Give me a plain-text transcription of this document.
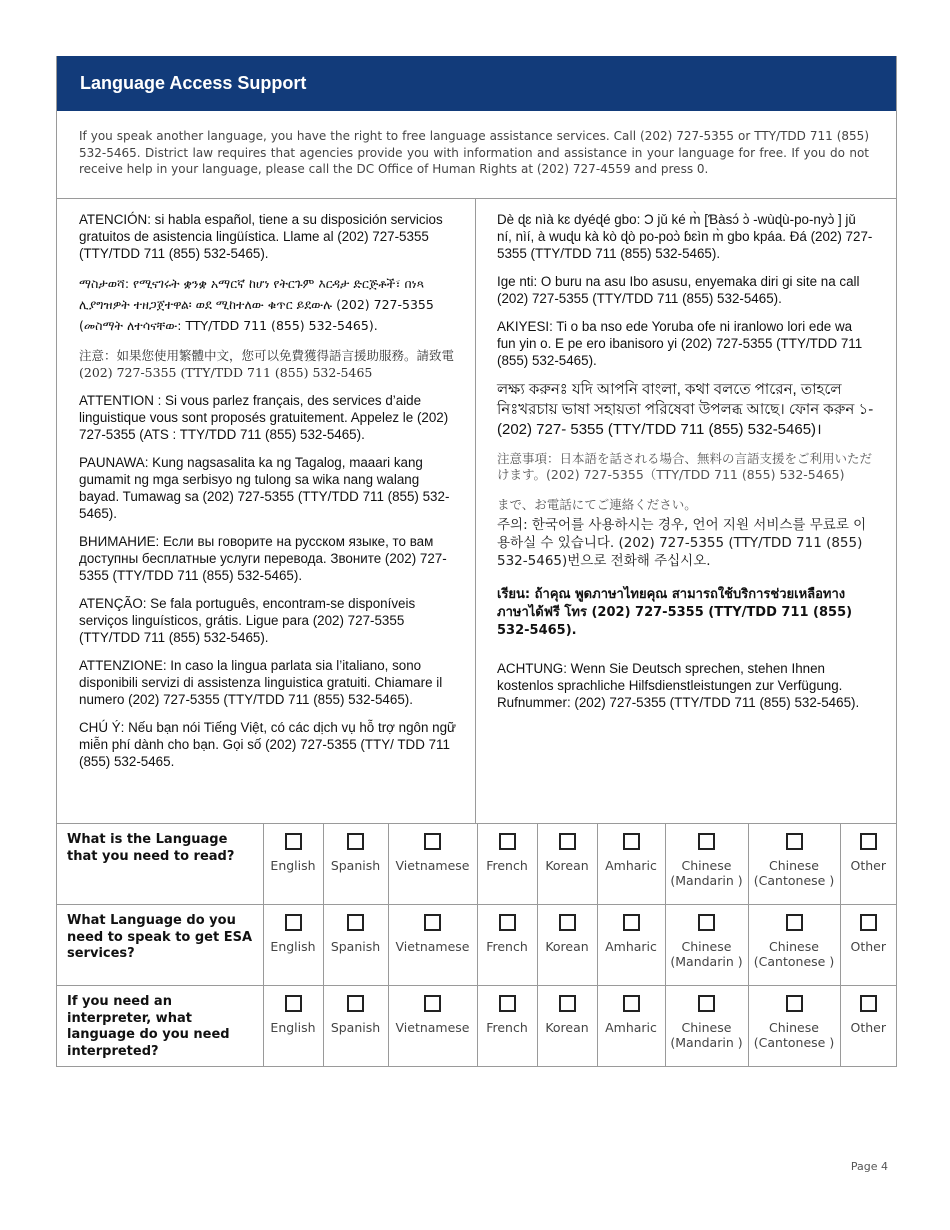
Language Access Support
If you speak another language, you have the right to free language assistance services. Call (202) 727-5355 or TTY/TDD 711 (855) 532-5465. District law requires that agencies provide you with information and assistance in your language for free. If you do not receive help in your language, please call the DC Office of Human Rights at (202) 727-4559 and press 0.

ATENCIÓN: si habla español, tiene a su disposición servicios gratuitos de asistencia lingüística. Llame al (202) 727-5355 (TTY/TDD 711 (855) 532-5465).

ማስታወሻ: የሚናገሩት ቋንቋ አማርኛ ከሆነ የትርጉም እርዳታ ድርጅቶች፣ በነጻ ሊያግዝዎት ተዘጋጀተዋል፡ ወደ ሚከተለው ቁጥር ይደውሉ (202) 727-5355 (መስማት ለተሳናቸው: TTY/TDD 711 (855) 532-5465).

注意：如果您使用繁體中文，您可以免費獲得語言援助服務。請致電(202) 727-5355 (TTY/TDD 711 (855) 532-5465

ATTENTION : Si vous parlez français, des services d’aide linguistique vous sont proposés gratuitement. Appelez le (202) 727-5355 (ATS : TTY/TDD 711 (855) 532-5465).

PAUNAWA: Kung nagsasalita ka ng Tagalog, maaari kang gumamit ng mga serbisyo ng tulong sa wika nang walang bayad. Tumawag sa (202) 727-5355 (TTY/TDD 711 (855) 532-5465).

ВНИМАНИЕ: Если вы говорите на русском языке, то вам доступны бесплатные услуги перевода. Звоните (202) 727-5355 (TTY/TDD 711 (855) 532-5465).

ATENÇÃO: Se fala português, encontram-se disponíveis serviços linguísticos, grátis. Ligue para (202) 727-5355 (TTY/TDD 711 (855) 532-5465).

ATTENZIONE: In caso la lingua parlata sia l’italiano, sono disponibili servizi di assistenza linguistica gratuiti. Chiamare il numero (202) 727-5355 (TTY/TDD 711 (855) 532-5465).

CHÚ Ý: Nếu bạn nói Tiếng Việt, có các dịch vụ hỗ trợ ngôn ngữ miễn phí dành cho bạn. Gọi số (202) 727-5355 (TTY/ TDD 711 (855) 532-5465.

Dè ɖɛ nìà kɛ dyéɖé gbo: Ɔ jǔ ké m̀ [Ɓàsɔ́ ɔ̀ -wùɖù-po-nyɔ̀ ] jǔ ní, nìí, à wuɖu kà kò ɖò po-poɔ̀ ɓɛìn m̀ gbo kpáa. Ɖá (202) 727-5355 (TTY/TDD 711 (855) 532-5465).

Ige nti: O buru na asu Ibo asusu, enyemaka diri gi site na call (202) 727-5355 (TTY/TDD 711 (855) 532-5465).

AKIYESI: Ti o ba nso ede Yoruba ofe ni iranlowo lori ede wa fun yin o. E pe ero ibanisoro yi (202) 727-5355 (TTY/TDD 711 (855) 532-5465).

লক্ষ্য করুনঃ যদি আপনি বাংলা, কথা বলতে পারেন, তাহলে নিঃখরচায় ভাষা সহায়তা পরিষেবা উপলব্ধ আছে। ফোন করুন ১-(202) 727- 5355 (TTY/TDD 711 (855) 532-5465)।

注意事項：日本語を話される場合、無料の言語支援をご利用いただけます。(202) 727-5355（TTY/TDD 711 (855) 532-5465)

まで、お電話にてご連絡ください。

주의: 한국어를 사용하시는 경우, 언어 지원 서비스를 무료로 이용하실 수 있습니다. (202) 727-5355 (TTY/TDD 711 (855) 532-5465)번으로 전화해 주십시오.

เรียน: ถ้าคุณ พูดภาษาไทยคุณ สามารถใช้บริการช่วยเหลือทางภาษาได้ฟรี โทร (202) 727-5355 (TTY/TDD 711 (855) 532-5465).

ACHTUNG: Wenn Sie Deutsch sprechen, stehen Ihnen kostenlos sprachliche Hilfsdienstleistungen zur Verfügung. Rufnummer: (202) 727-5355 (TTY/TDD 711 (855) 532-5465).

What is the Language that you need to read?	English	Spanish	Vietnamese	French	Korean	Amharic	Chinese (Mandarin )	Chinese (Cantonese )	Other

What Language do you need to speak to get ESA services?	English	Spanish	Vietnamese	French	Korean	Amharic	Chinese (Mandarin )	Chinese (Cantonese )	Other

If you need an interpreter, what language do you need interpreted?	English	Spanish	Vietnamese	French	Korean	Amharic	Chinese (Mandarin )	Chinese (Cantonese )	Other
Page 4
